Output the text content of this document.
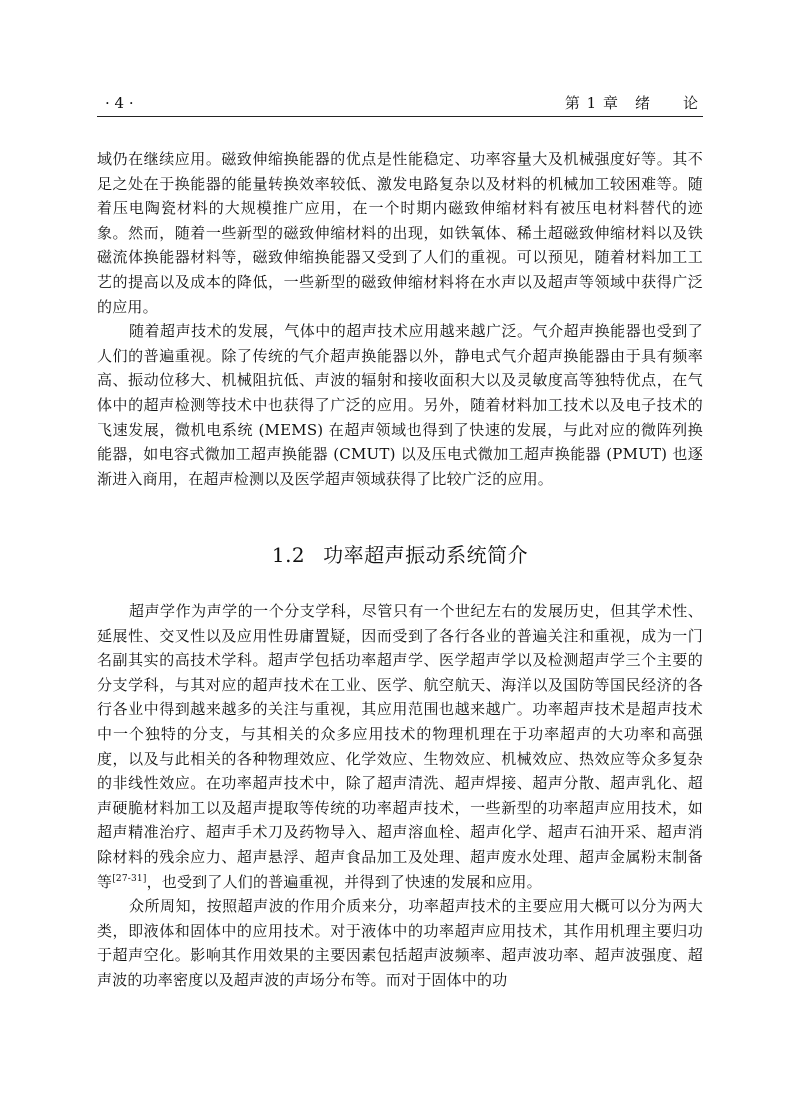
· 4 ·	第 1 章　绪　　论

域仍在继续应用。磁致伸缩换能器的优点是性能稳定、功率容量大及机械强度好等。其不足之处在于换能器的能量转换效率较低、激发电路复杂以及材料的机械加工较困难等。随着压电陶瓷材料的大规模推广应用，在一个时期内磁致伸缩材料有被压电材料替代的迹象。然而，随着一些新型的磁致伸缩材料的出现，如铁氧体、稀土超磁致伸缩材料以及铁磁流体换能器材料等，磁致伸缩换能器又受到了人们的重视。可以预见，随着材料加工工艺的提高以及成本的降低，一些新型的磁致伸缩材料将在水声以及超声等领域中获得广泛的应用。

随着超声技术的发展，气体中的超声技术应用越来越广泛。气介超声换能器也受到了人们的普遍重视。除了传统的气介超声换能器以外，静电式气介超声换能器由于具有频率高、振动位移大、机械阻抗低、声波的辐射和接收面积大以及灵敏度高等独特优点，在气体中的超声检测等技术中也获得了广泛的应用。另外，随着材料加工技术以及电子技术的飞速发展，微机电系统 (MEMS) 在超声领域也得到了快速的发展，与此对应的微阵列换能器，如电容式微加工超声换能器 (CMUT) 以及压电式微加工超声换能器 (PMUT) 也逐渐进入商用，在超声检测以及医学超声领域获得了比较广泛的应用。

1.2 功率超声振动系统简介

超声学作为声学的一个分支学科，尽管只有一个世纪左右的发展历史，但其学术性、延展性、交叉性以及应用性毋庸置疑，因而受到了各行各业的普遍关注和重视，成为一门名副其实的高技术学科。超声学包括功率超声学、医学超声学以及检测超声学三个主要的分支学科，与其对应的超声技术在工业、医学、航空航天、海洋以及国防等国民经济的各行各业中得到越来越多的关注与重视，其应用范围也越来越广。功率超声技术是超声技术中一个独特的分支，与其相关的众多应用技术的物理机理在于功率超声的大功率和高强度，以及与此相关的各种物理效应、化学效应、生物效应、机械效应、热效应等众多复杂的非线性效应。在功率超声技术中，除了超声清洗、超声焊接、超声分散、超声乳化、超声硬脆材料加工以及超声提取等传统的功率超声技术，一些新型的功率超声应用技术，如超声精准治疗、超声手术刀及药物导入、超声溶血栓、超声化学、超声石油开采、超声消除材料的残余应力、超声悬浮、超声食品加工及处理、超声废水处理、超声金属粉末制备等[27-31]，也受到了人们的普遍重视，并得到了快速的发展和应用。

众所周知，按照超声波的作用介质来分，功率超声技术的主要应用大概可以分为两大类，即液体和固体中的应用技术。对于液体中的功率超声应用技术，其作用机理主要归功于超声空化。影响其作用效果的主要因素包括超声波频率、超声波功率、超声波强度、超声波的功率密度以及超声波的声场分布等。而对于固体中的功
